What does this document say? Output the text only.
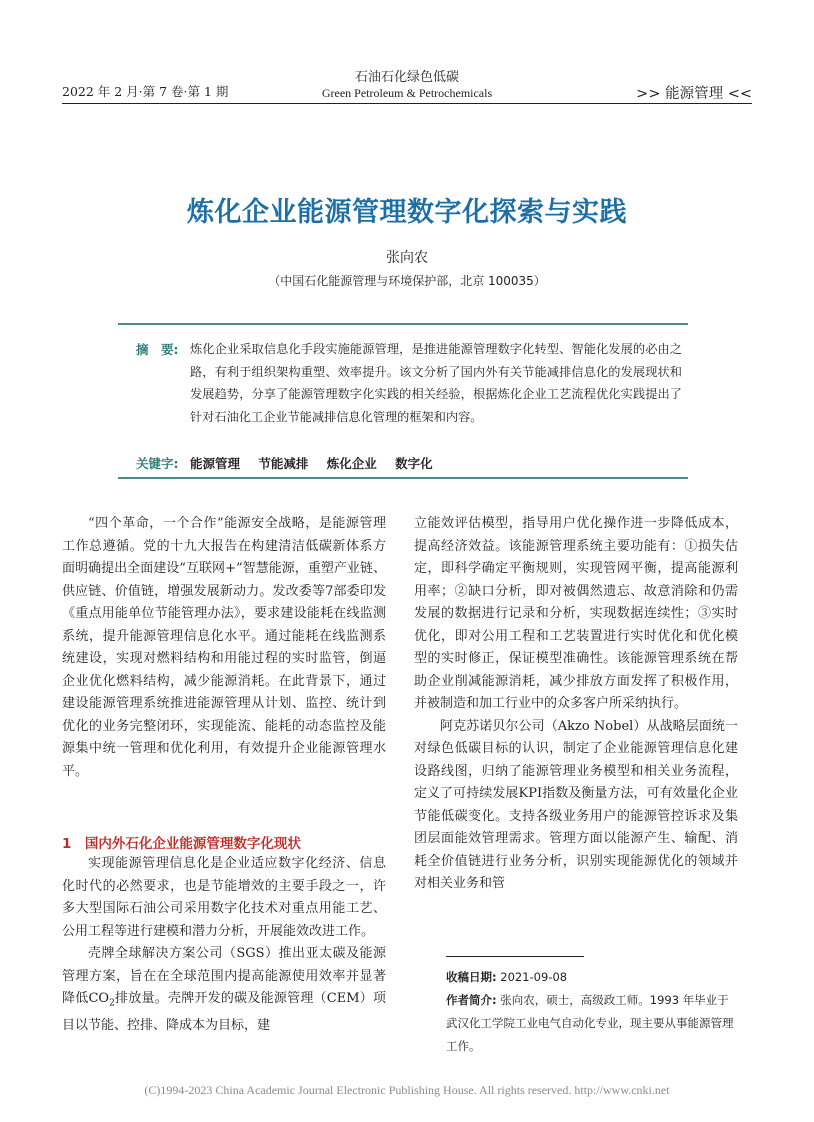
2022 年 2 月·第 7 卷·第 1 期
石油石化绿色低碳
Green Petroleum & Petrochemicals	>> 能源管理 <<
炼化企业能源管理数字化探索与实践
张向农
（中国石化能源管理与环境保护部，北京 100035）
摘　要: 炼化企业采取信息化手段实施能源管理，是推进能源管理数字化转型、智能化发展的必由之路，有利于组织架构重塑、效率提升。该文分析了国内外有关节能减排信息化的发展现状和发展趋势，分享了能源管理数字化实践的相关经验，根据炼化企业工艺流程优化实践提出了针对石油化工企业节能减排信息化管理的框架和内容。
关键字: 能源管理 节能减排 炼化企业 数字化

“四个革命，一个合作”能源安全战略，是能源管理工作总遵循。党的十九大报告在构建清洁低碳新体系方面明确提出全面建设“互联网+”智慧能源，重塑产业链、供应链、价值链，增强发展新动力。发改委等7部委印发《重点用能单位节能管理办法》，要求建设能耗在线监测系统，提升能源管理信息化水平。通过能耗在线监测系统建设，实现对燃料结构和用能过程的实时监管，倒逼企业优化燃料结构，减少能源消耗。在此背景下，通过建设能源管理系统推进能源管理从计划、监控、统计到优化的业务完整闭环，实现能流、能耗的动态监控及能源集中统一管理和优化利用，有效提升企业能源管理水平。

1　国内外石化企业能源管理数字化现状

实现能源管理信息化是企业适应数字化经济、信息化时代的必然要求，也是节能增效的主要手段之一，许多大型国际石油公司采用数字化技术对重点用能工艺、公用工程等进行建模和潜力分析，开展能效改进工作。

壳牌全球解决方案公司（SGS）推出亚太碳及能源管理方案，旨在在全球范围内提高能源使用效率并显著降低$CO_2$排放量。壳牌开发的碳及能源管理（CEM）项目以节能、控排、降成本为目标，建

立能效评估模型，指导用户优化操作进一步降低成本，提高经济效益。该能源管理系统主要功能有：①损失估定，即科学确定平衡规则，实现管网平衡，提高能源利用率；②缺口分析，即对被偶然遗忘、故意消除和仍需发展的数据进行记录和分析，实现数据连续性；③实时优化，即对公用工程和工艺装置进行实时优化和优化模型的实时修正，保证模型准确性。该能源管理系统在帮助企业削减能源消耗，减少排放方面发挥了积极作用，并被制造和加工行业中的众多客户所采纳执行。

阿克苏诺贝尔公司（Akzo Nobel）从战略层面统一对绿色低碳目标的认识，制定了企业能源管理信息化建设路线图，归纳了能源管理业务模型和相关业务流程，定义了可持续发展KPI指数及衡量方法，可有效量化企业节能低碳变化。支持各级业务用户的能源管控诉求及集团层面能效管理需求。管理方面以能源产生、输配、消耗全价值链进行业务分析，识别实现能源优化的领域并对相关业务和管

收稿日期: 2021-09-08

作者简介: 张向农，硕士，高级政工师。1993 年毕业于武汉化工学院工业电气自动化专业，现主要从事能源管理工作。

(C)1994-2023 China Academic Journal Electronic Publishing House. All rights reserved. http://www.cnki.net
